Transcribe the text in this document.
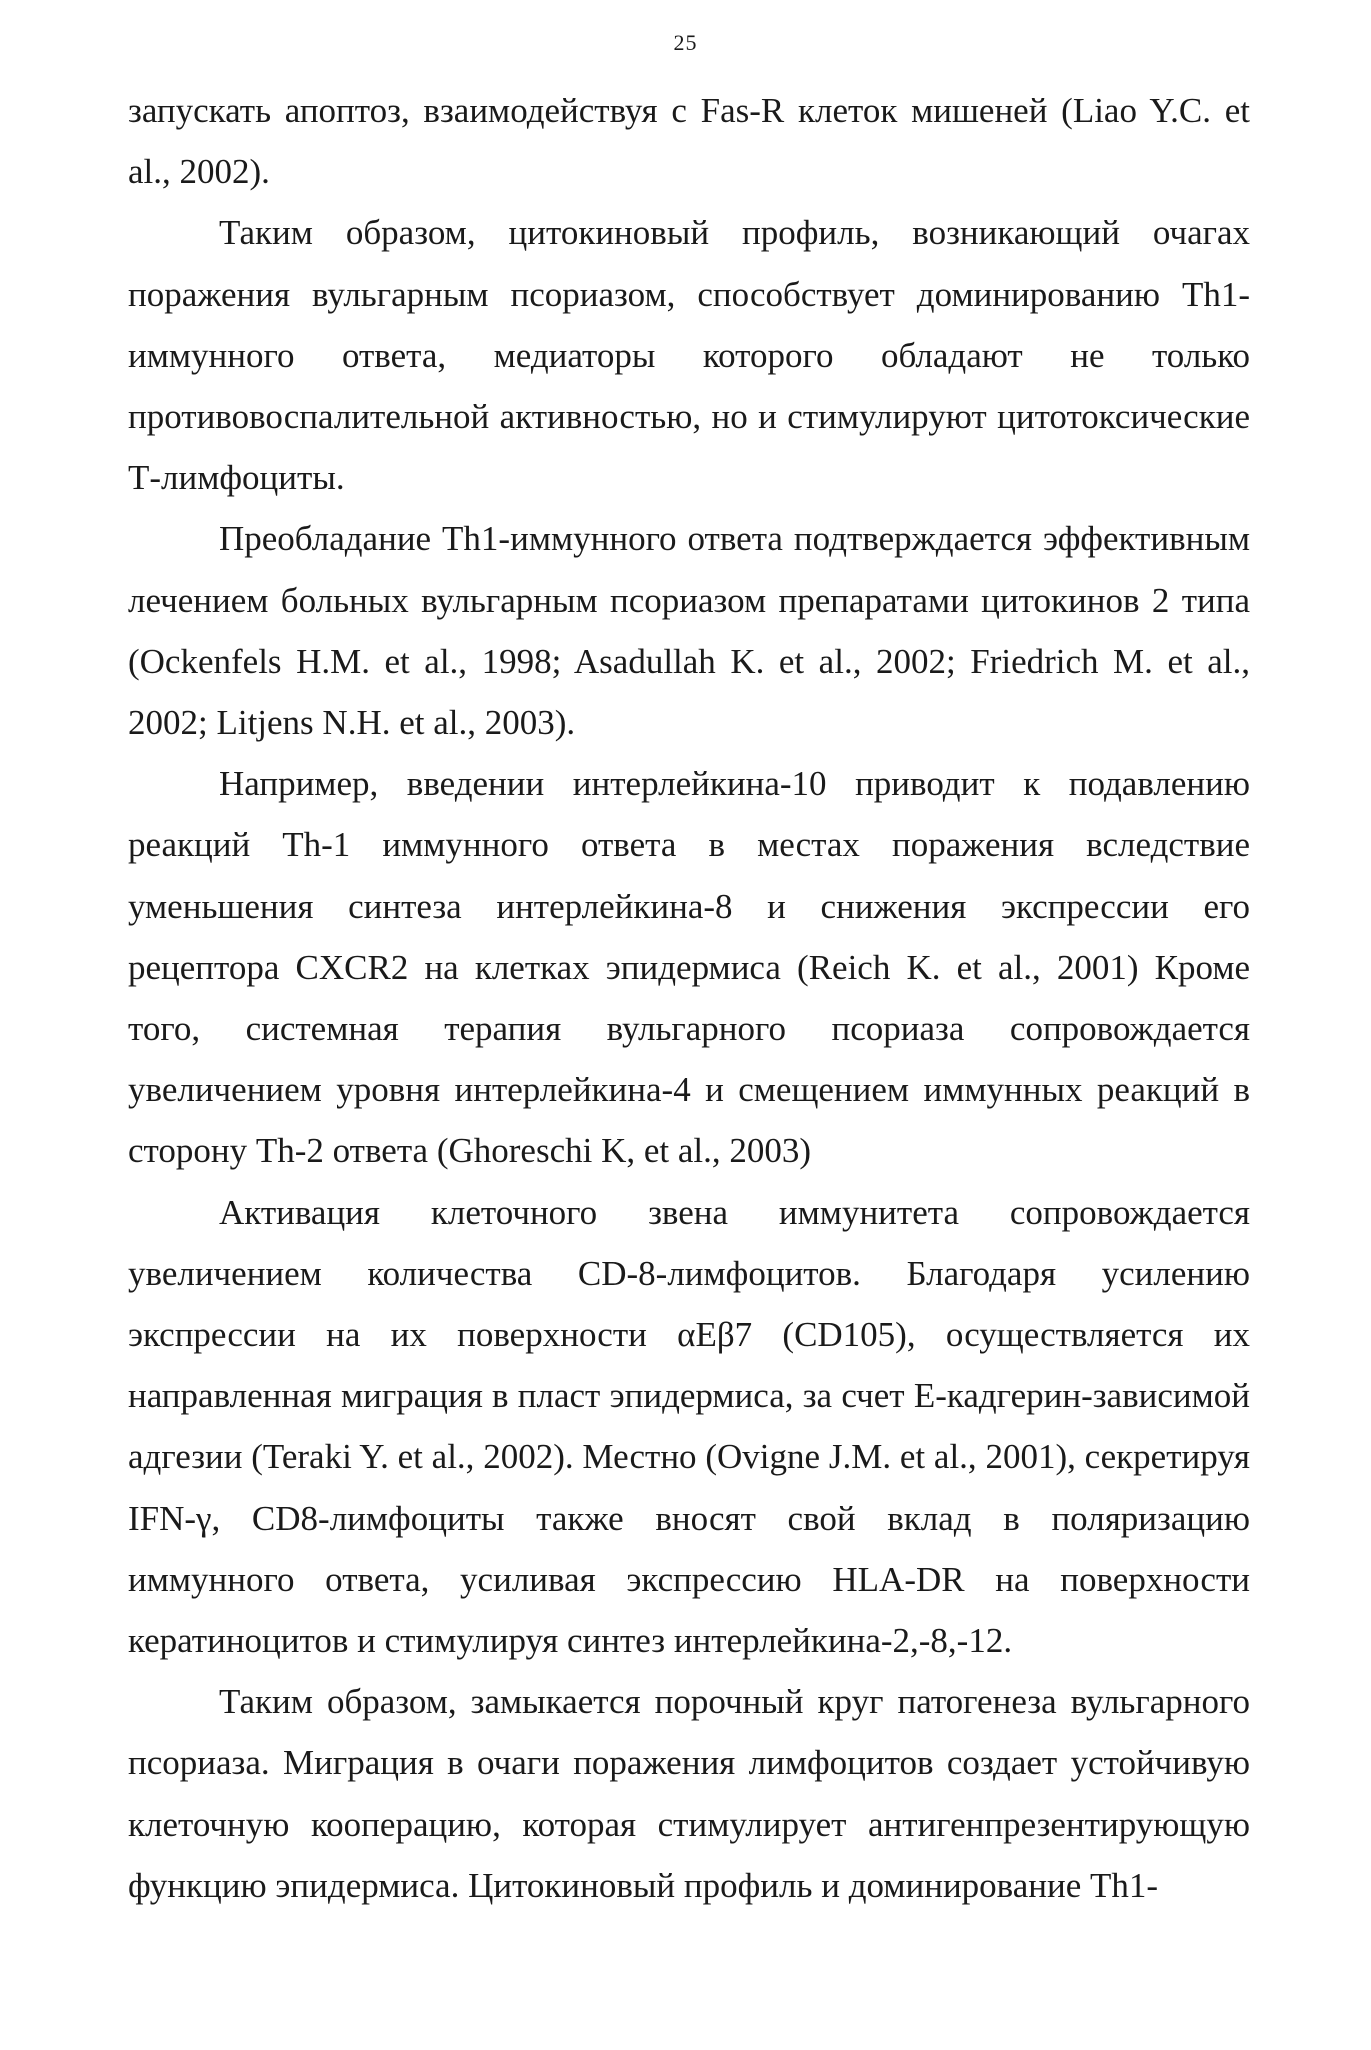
25

запускать апоптоз, взаимодействуя с Fas-R клеток мишеней (Liao Y.C. et al., 2002).

Таким образом, цитокиновый профиль, возникающий очагах поражения вульгарным псориазом, способствует доминированию Th1-иммунного ответа, медиаторы которого обладают не только противовоспалительной активностью, но и стимулируют цитотоксические Т-лимфоциты.

Преобладание Th1-иммунного ответа подтверждается эффективным лечением больных вульгарным псориазом препаратами цитокинов 2 типа (Ockenfels H.M. et al., 1998; Asadullah K. et al., 2002; Friedrich M. et al., 2002; Litjens N.H. et al., 2003).

Например, введении интерлейкина-10 приводит к подавлению реакций Th-1 иммунного ответа в местах поражения вследствие уменьшения синтеза интерлейкина-8 и снижения экспрессии его рецептора CXCR2 на клетках эпидермиса (Reich K. et al., 2001) Кроме того, системная терапия вульгарного псориаза сопровождается увеличением уровня интерлейкина-4 и смещением иммунных реакций в сторону Th-2 ответа (Ghoreschi K, et al., 2003)

Активация клеточного звена иммунитета сопровождается увеличением количества CD-8-лимфоцитов. Благодаря усилению экспрессии на их поверхности αEβ7 (CD105), осуществляется их направленная миграция в пласт эпидермиса, за счет Е-кадгерин-зависимой адгезии (Teraki Y. et al., 2002). Местно (Ovigne J.M. et al., 2001), секретируя IFN-γ, CD8-лимфоциты также вносят свой вклад в поляризацию иммунного ответа, усиливая экспрессию HLA-DR на поверхности кератиноцитов и стимулируя синтез интерлейкина-2,-8,-12.

Таким образом, замыкается порочный круг патогенеза вульгарного псориаза. Миграция в очаги поражения лимфоцитов создает устойчивую клеточную кооперацию, которая стимулирует антигенпрезентирующую функцию эпидермиса. Цитокиновый профиль и доминирование Th1-
